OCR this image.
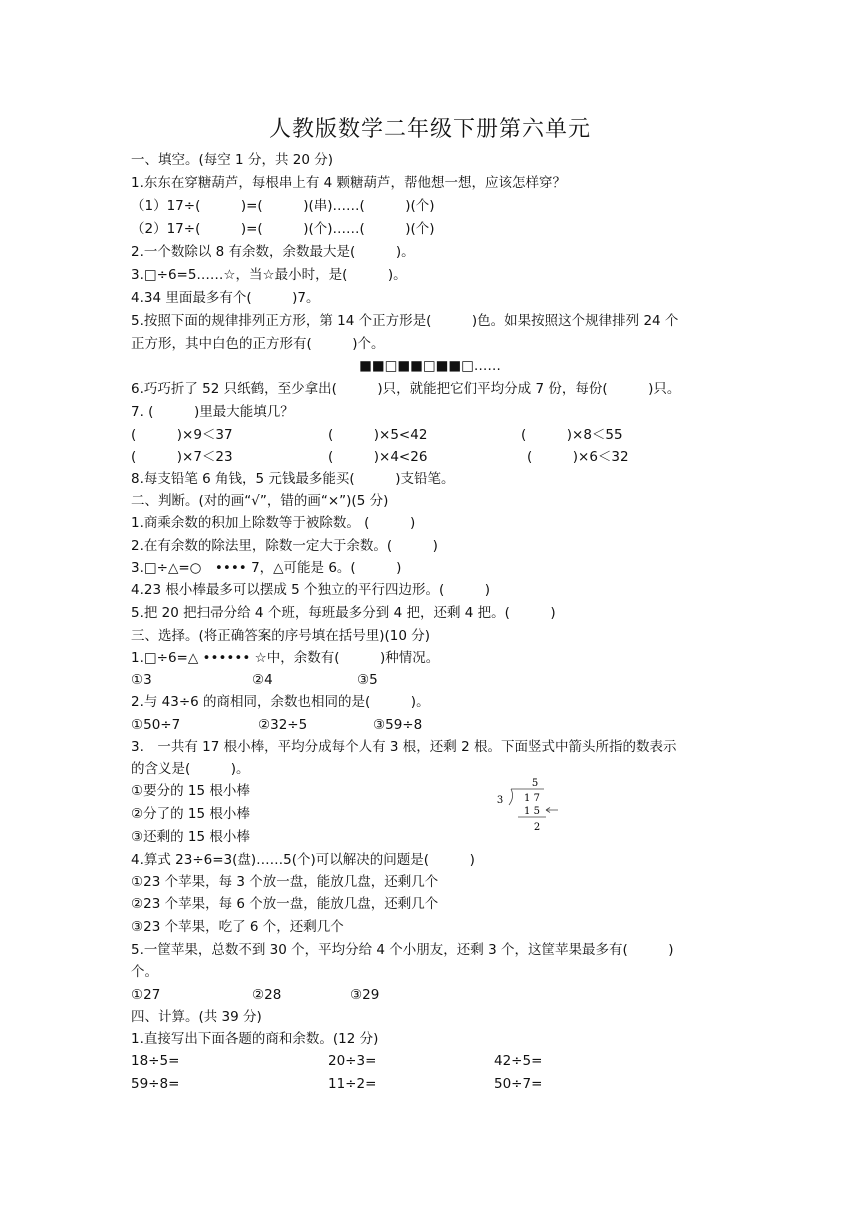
人教版数学二年级下册第六单元
一、填空。(每空 1 分，共 20 分)
1.东东在穿糖葫芦，每根串上有 4 颗糖葫芦，帮他想一想，应该怎样穿？
（1）17÷(　　　)=(　　　)(串)……(　　　)(个)
（2）17÷(　　　)=(　　　)(个)……(　　　)(个)
2.一个数除以 8 有余数，余数最大是(　　　)。
3.□÷6=5……☆，当☆最小时，是(　　　)。
4.34 里面最多有个(　　　)7。
5.按照下面的规律排列正方形，第 14 个正方形是(　　　)色。如果按照这个规律排列 24 个
正方形，其中白色的正方形有(　　　)个。
■■□■■□■■□……
6.巧巧折了 52 只纸鹤，至少拿出(　　　)只，就能把它们平均分成 7 份，每份(　　　)只。
7. (　　　)里最大能填几？
(　　　)×9＜37	(　　　)×5<42	(　　　)×8＜55
(　　　)×7＜23	(　　　)×4<26	(　　　)×6＜32
8.每支铅笔 6 角钱，5 元钱最多能买(　　　)支铅笔。
二、判断。(对的画“√”，错的画“×”)(5 分)
1.商乘余数的积加上除数等于被除数。 (　　　)
2.在有余数的除法里，除数一定大于余数。(　　　)
3.□÷△=○　•••• 7，△可能是 6。(　　　)
4.23 根小棒最多可以摆成 5 个独立的平行四边形。(　　　)
5.把 20 把扫帚分给 4 个班，每班最多分到 4 把，还剩 4 把。(　　　)
三、选择。(将正确答案的序号填在括号里)(10 分)
1.□÷6=△ •••••• ☆中，余数有(　　　)种情况。
①3	②4	③5
2.与 43÷6 的商相同，余数也相同的是(　　　)。
①50÷7	②32÷5	③59÷8
3.　一共有 17 根小棒，平均分成每个人有 3 根，还剩 2 根。下面竖式中箭头所指的数表示
的含义是(　　　)。
①要分的 15 根小棒
②分了的 15 根小棒
③还剩的 15 根小棒
5
3 1 7
1 5
2
4.算式 23÷6=3(盘)……5(个)可以解决的问题是(　　　)
①23 个苹果，每 3 个放一盘，能放几盘，还剩几个
②23 个苹果，每 6 个放一盘，能放几盘，还剩几个
③23 个苹果，吃了 6 个，还剩几个
5.一筐苹果，总数不到 30 个，平均分给 4 个小朋友，还剩 3 个，这筐苹果最多有(　　　)
个。
①27	②28	③29
四、计算。(共 39 分)
1.直接写出下面各题的商和余数。(12 分)
18÷5=	20÷3=	42÷5=
59÷8=	11÷2=	50÷7=
